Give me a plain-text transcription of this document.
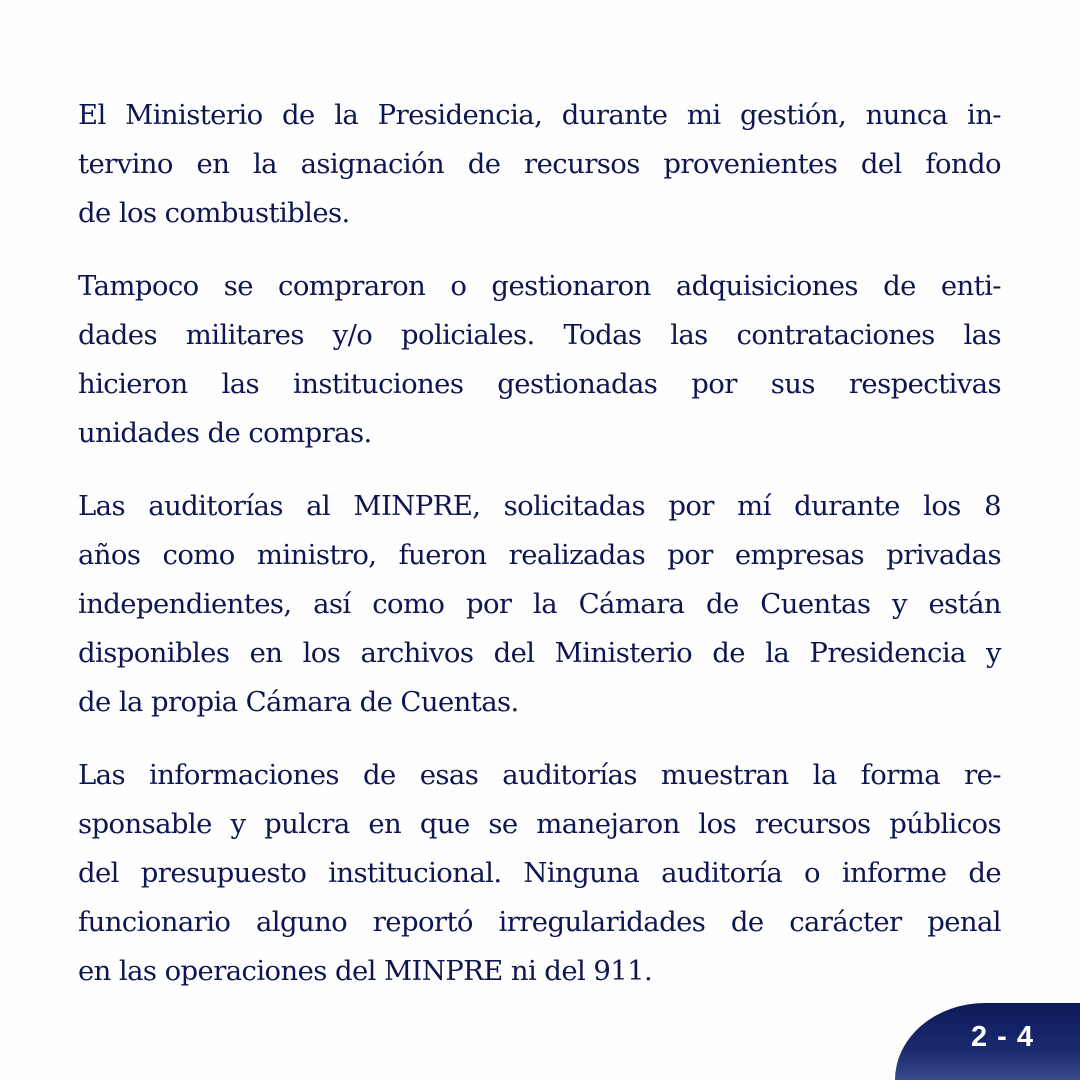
El Ministerio de la Presidencia, durante mi gestión, nunca in-
tervino en la asignación de recursos provenientes del fondo
de los combustibles.

Tampoco se compraron o gestionaron adquisiciones de enti-
dades militares y/o policiales. Todas las contrataciones las
hicieron las instituciones gestionadas por sus respectivas
unidades de compras.

Las auditorías al MINPRE, solicitadas por mí durante los 8
años como ministro, fueron realizadas por empresas privadas
independientes, así como por la Cámara de Cuentas y están
disponibles en los archivos del Ministerio de la Presidencia y
de la propia Cámara de Cuentas.

Las informaciones de esas auditorías muestran la forma re-
sponsable y pulcra en que se manejaron los recursos públicos
del presupuesto institucional. Ninguna auditoría o informe de
funcionario alguno reportó irregularidades de carácter penal
en las operaciones del MINPRE ni del 911.

2 - 4
